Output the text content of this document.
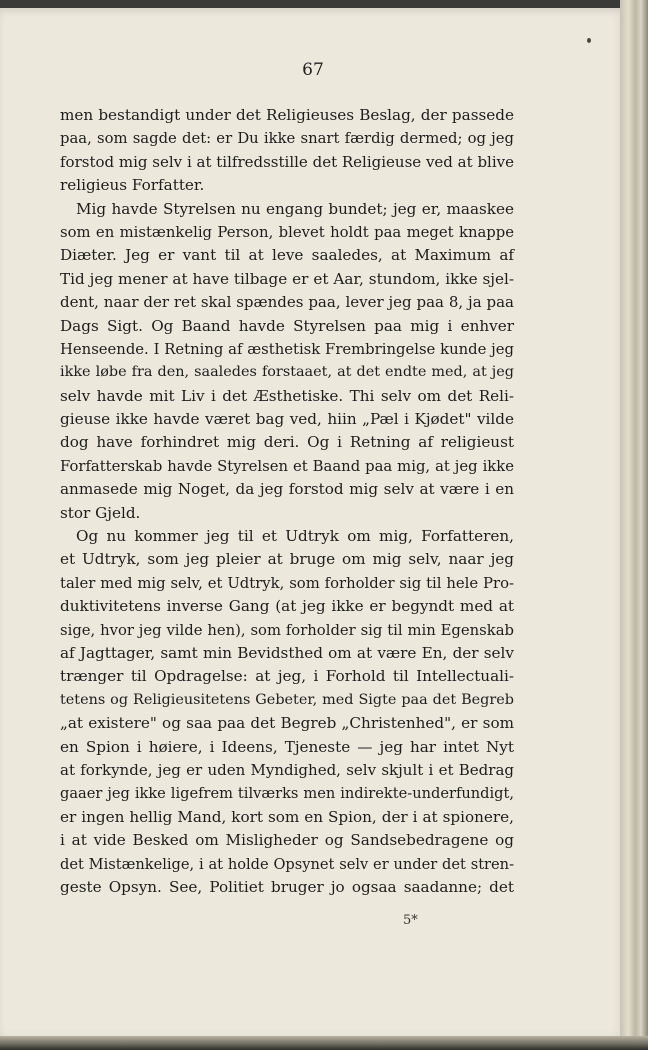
67
men bestandigt under det Religieuses Beslag, der passede
paa, som sagde det: er Du ikke snart færdig dermed; og jeg
forstod mig selv i at tilfredsstille det Religieuse ved at blive
religieus Forfatter.
Mig havde Styrelsen nu engang bundet; jeg er, maaskee
som en mistænkelig Person, blevet holdt paa meget knappe
Diæter. Jeg er vant til at leve saaledes, at Maximum af
Tid jeg mener at have tilbage er et Aar, stundom, ikke sjel-
dent, naar der ret skal spændes paa, lever jeg paa 8, ja paa
Dags Sigt. Og Baand havde Styrelsen paa mig i enhver
Henseende. I Retning af æsthetisk Frembringelse kunde jeg
ikke løbe fra den, saaledes forstaaet, at det endte med, at jeg
selv havde mit Liv i det Æsthetiske. Thi selv om det Reli-
gieuse ikke havde været bag ved, hiin „Pæl i Kjødet" vilde
dog have forhindret mig deri. Og i Retning af religieust
Forfatterskab havde Styrelsen et Baand paa mig, at jeg ikke
anmasede mig Noget, da jeg forstod mig selv at være i en
stor Gjeld.
Og nu kommer jeg til et Udtryk om mig, Forfatteren,
et Udtryk, som jeg pleier at bruge om mig selv, naar jeg
taler med mig selv, et Udtryk, som forholder sig til hele Pro-
duktivitetens inverse Gang (at jeg ikke er begyndt med at
sige, hvor jeg vilde hen), som forholder sig til min Egenskab
af Jagttager, samt min Bevidsthed om at være En, der selv
trænger til Opdragelse: at jeg, i Forhold til Intellectuali-
tetens og Religieusitetens Gebeter, med Sigte paa det Begreb
„at existere" og saa paa det Begreb „Christenhed", er som
en Spion i høiere, i Ideens, Tjeneste — jeg har intet Nyt
at forkynde, jeg er uden Myndighed, selv skjult i et Bedrag
gaaer jeg ikke ligefrem tilværks men indirekte-underfundigt,
er ingen hellig Mand, kort som en Spion, der i at spionere,
i at vide Besked om Misligheder og Sandsebedragene og
det Mistænkelige, i at holde Opsynet selv er under det stren-
geste Opsyn. See, Politiet bruger jo ogsaa saadanne; det
5*
